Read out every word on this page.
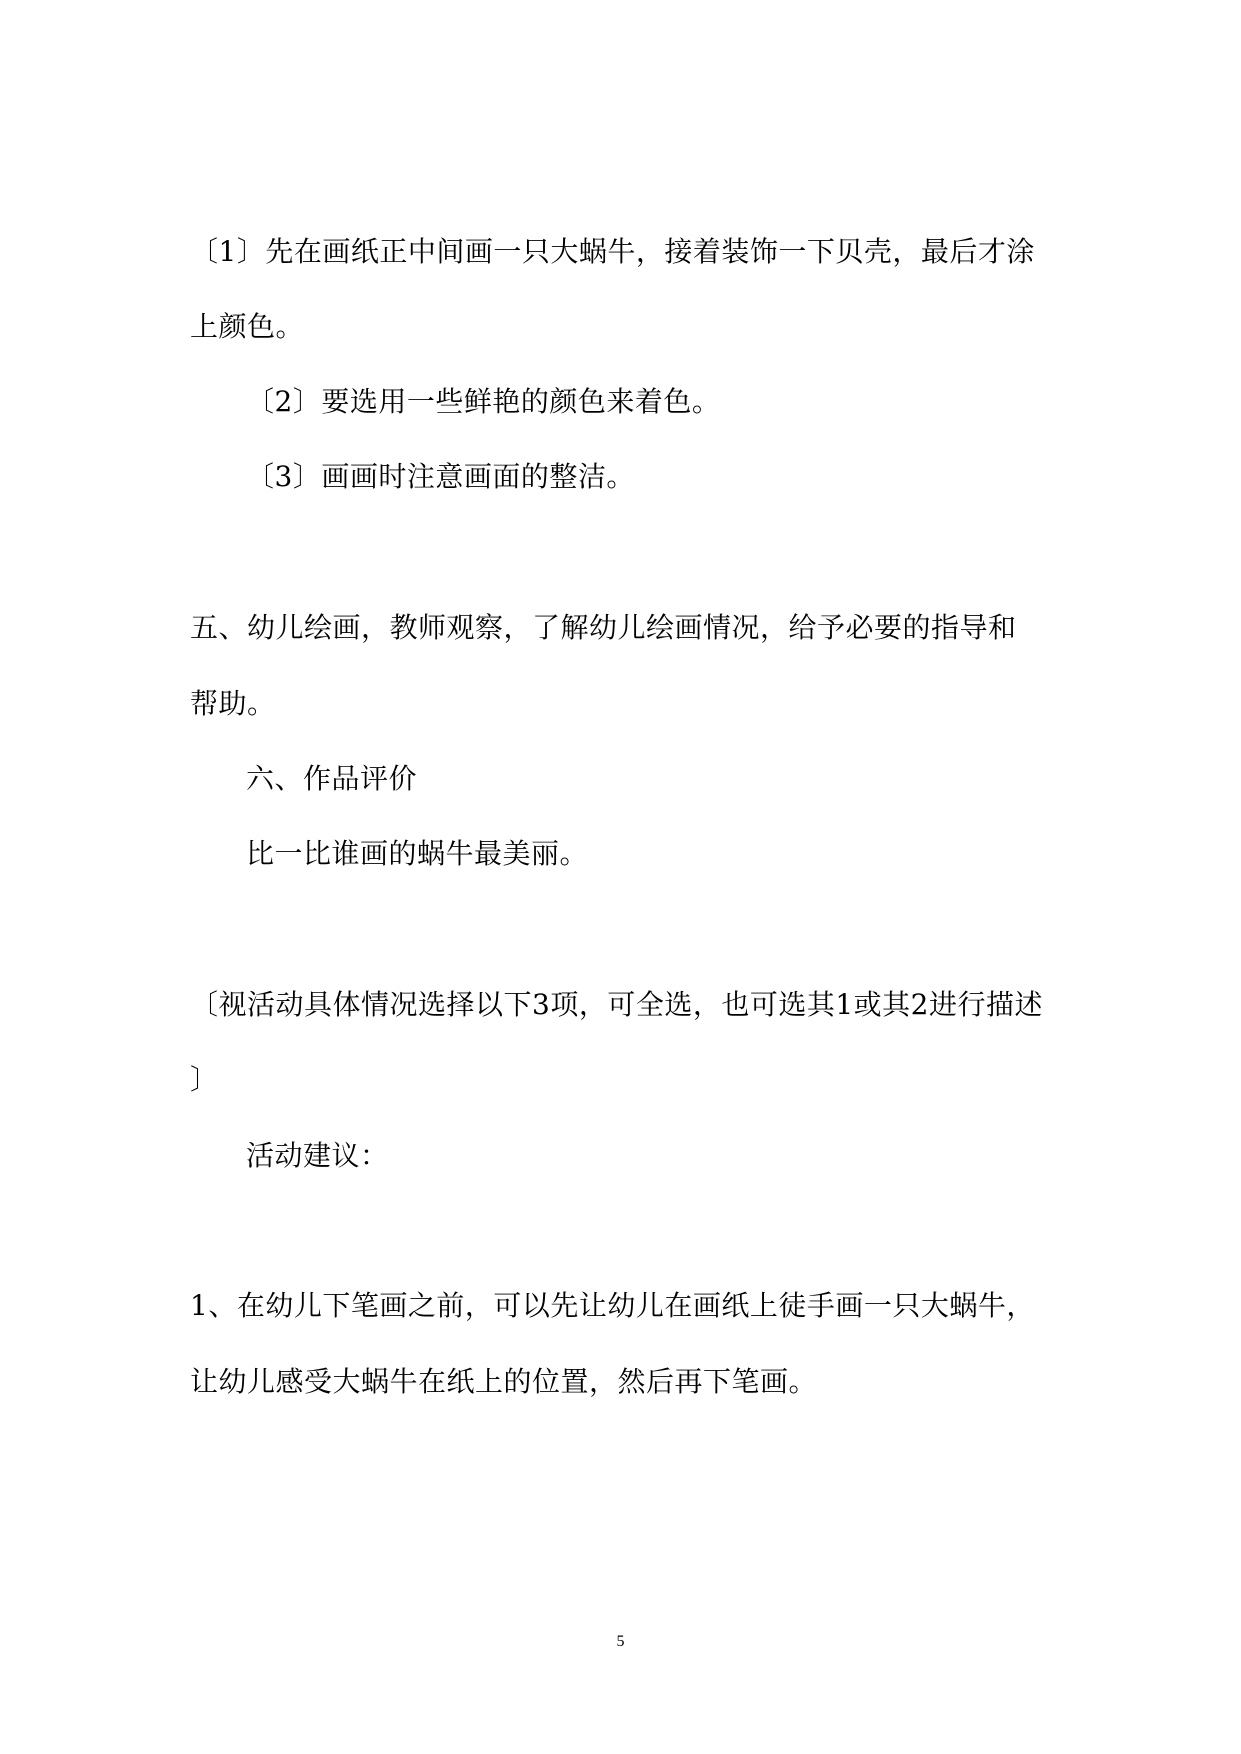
〔1〕先在画纸正中间画一只大蜗牛，接着装饰一下贝壳，最后才涂
上颜色。
〔2〕要选用一些鲜艳的颜色来着色。
〔3〕画画时注意画面的整洁。
五、幼儿绘画，教师观察，了解幼儿绘画情况，给予必要的指导和
帮助。
六、作品评价
比一比谁画的蜗牛最美丽。
〔视活动具体情况选择以下3项，可全选，也可选其1或其2进行描述
〕
活动建议：
1、在幼儿下笔画之前，可以先让幼儿在画纸上徒手画一只大蜗牛，
让幼儿感受大蜗牛在纸上的位置，然后再下笔画。
5
